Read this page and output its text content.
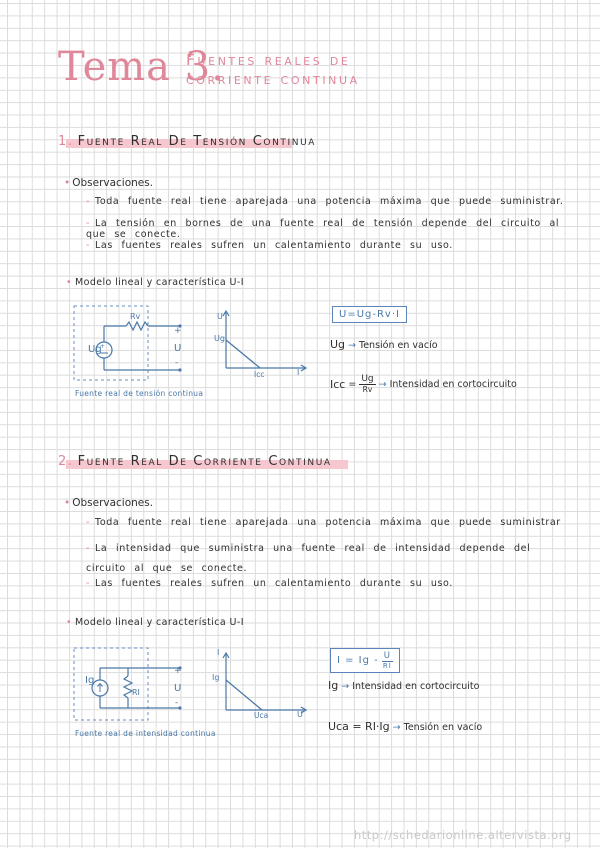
Tema 3.
Fuentes reales de
corriente continua
1. Fuente Real De Tensión Continua
• Observaciones.
- Toda fuente real tiene aparejada una potencia máxima que puede suministrar.
- La tensión en bornes de una fuente real de tensión depende del circuito al que se conecte.
- Las fuentes reales sufren un calentamiento durante su uso.
• Modelo lineal y característica U-I
+
Rv
Ug
+
U
-
Fuente real de tensión continua
U
Ug
Icc	I
U=Ug-Rv·I
Ug → Tensión en vacío
Icc = Ug
Rv → Intensidad en cortocircuito
2. Fuente Real De Corriente Continua
• Observaciones.
- Toda fuente real tiene aparejada una potencia máxima que puede suministrar
- La intensidad que suministra una fuente real de intensidad depende del circuito al que se conecte.
- Las fuentes reales sufren un calentamiento durante su uso.
• Modelo lineal y característica U-I
Ig
RI
+
U
-
Fuente real de intensidad continua
I
Ig
Uca	U
I = Ig - U
RI
Ig → Intensidad en cortocircuito
Uca = RI·Ig → Tensión en vacío
http://schedarionline.altervista.org
